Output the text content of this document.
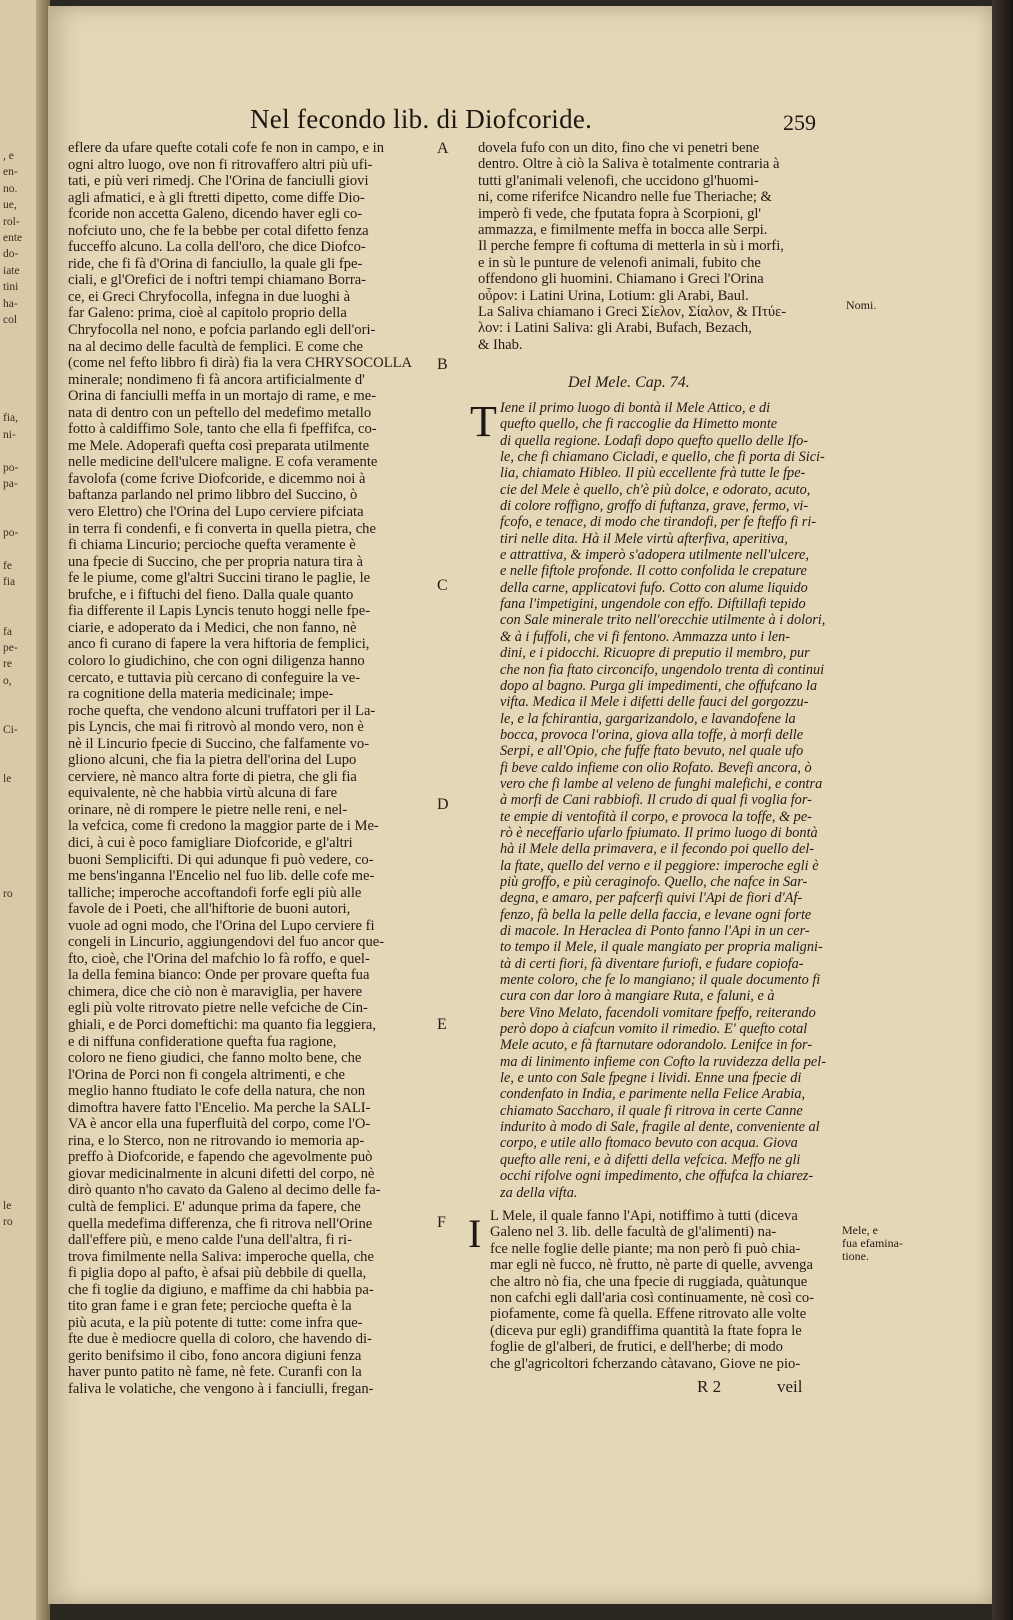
, e
en-
no.
ue,
rol-
ente
do-
iate
tini
ha-
col
fia,
ni-
po-
pa-
po-
fe
fia
fa
pe-
re
o,
Ci-
le
ro
le
ro
Nel fecondo lib. di Diofcoride.	259
eflere da ufare quefte cotali cofe fe non in campo, e in
ogni altro luogo, ove non fi ritrovaffero altri più ufi-
tati, e più veri rimedj. Che l'Orina de fanciulli giovi
agli afmatici, e à gli ftretti dipetto, come diffe Dio-
fcoride non accetta Galeno, dicendo haver egli co-
nofciuto uno, che fe la bebbe per cotal difetto fenza
fucceffo alcuno. La colla dell'oro, che dice Diofco-
ride, che fi fà d'Orina di fanciullo, la quale gli fpe-
ciali, e gl'Orefici de i noftri tempi chiamano Borra-
ce, ei Greci Chryfocolla, infegna in due luoghi à
far Galeno: prima, cioè al capitolo proprio della
Chryfocolla nel nono, e pofcia parlando egli dell'ori-
na al decimo delle facultà de femplici. E come che
(come nel fefto libbro fi dirà) fia la vera CHRYSOCOLLA
minerale; nondimeno fi fà ancora artificialmente d'
Orina di fanciulli meffa in un mortajo di rame, e me-
nata di dentro con un peftello del medefimo metallo
fotto à caldiffimo Sole, tanto che ella fi fpeffifca, co-
me Mele. Adoperafi quefta così preparata utilmente
nelle medicine dell'ulcere maligne. E cofa veramente
favolofa (come fcrive Diofcoride, e dicemmo noi à
baftanza parlando nel primo libbro del Succino, ò
vero Elettro) che l'Orina del Lupo cerviere pifciata
in terra fi condenfi, e fi converta in quella pietra, che
fi chiama Lincurio; percioche quefta veramente è
una fpecie di Succino, che per propria natura tira à
fe le piume, come gl'altri Succini tirano le paglie, le
brufche, e i fiftuchi del fieno. Dalla quale quanto
fia differente il Lapis Lyncis tenuto hoggi nelle fpe-
ciarie, e adoperato da i Medici, che non fanno, nè
anco fi curano di fapere la vera hiftoria de femplici,
coloro lo giudichino, che con ogni diligenza hanno
cercato, e tuttavia più cercano di confeguire la ve-
ra cognitione della materia medicinale; impe-
roche quefta, che vendono alcuni truffatori per il La-
pis Lyncis, che mai fi ritrovò al mondo vero, non è
nè il Lincurio fpecie di Succino, che falfamente vo-
gliono alcuni, che fia la pietra dell'orina del Lupo
cerviere, nè manco altra forte di pietra, che gli fia
equivalente, nè che habbia virtù alcuna di fare
orinare, nè di rompere le pietre nelle reni, e nel-
la vefcica, come fi credono la maggior parte de i Me-
dici, à cui è poco famigliare Diofcoride, e gl'altri
buoni Semplicifti. Di qui adunque fi può vedere, co-
me bens'inganna l'Encelio nel fuo lib. delle cofe me-
talliche; imperoche accoftandofi forfe egli più alle
favole de i Poeti, che all'hiftorie de buoni autori,
vuole ad ogni modo, che l'Orina del Lupo cerviere fi
congeli in Lincurio, aggiungendovi del fuo ancor que-
fto, cioè, che l'Orina del mafchio lo fà roffo, e quel-
la della femina bianco: Onde per provare quefta fua
chimera, dice che ciò non è maraviglia, per havere
egli più volte ritrovato pietre nelle vefciche de Cin-
ghiali, e de Porci domeftichi: ma quanto fia leggiera,
e di niffuna confideratione quefta fua ragione,
coloro ne fieno giudici, che fanno molto bene, che
l'Orina de Porci non fi congela altrimenti, e che
meglio hanno ftudiato le cofe della natura, che non
dimoftra havere fatto l'Encelio. Ma perche la SALI-
VA è ancor ella una fuperfluità del corpo, come l'O-
rina, e lo Sterco, non ne ritrovando io memoria ap-
preffo à Diofcoride, e fapendo che agevolmente può
giovar medicinalmente in alcuni difetti del corpo, nè
dirò quanto n'ho cavato da Galeno al decimo delle fa-
cultà de femplici. E' adunque prima da fapere, che
quella medefima differenza, che fi ritrova nell'Orine
dall'effere più, e meno calde l'una dell'altra, fi ri-
trova fimilmente nella Saliva: imperoche quella, che
fi piglia dopo al pafto, è afsai più debbile di quella,
che fi toglie da digiuno, e maffime da chi habbia pa-
tito gran fame i e gran fete; percioche quefta è la
più acuta, e la più potente di tutte: come infra que-
fte due è mediocre quella di coloro, che havendo di-
gerito benifsimo il cibo, fono ancora digiuni fenza
haver punto patito nè fame, nè fete. Curanfi con la
faliva le volatiche, che vengono à i fanciulli, fregan-
dovela fufo con un dito, fino che vi penetri bene
dentro. Oltre à ciò la Saliva è totalmente contraria à
tutti gl'animali velenofi, che uccidono gl'huomi-
ni, come riferifce Nicandro nelle fue Theriache; &
imperò fi vede, che fputata fopra à Scorpioni, gl'
ammazza, e fimilmente meffa in bocca alle Serpi.
Il perche fempre fi coftuma di metterla in sù i morfi,
e in sù le punture de velenofi animali, fubito che
offendono gli huomini. Chiamano i Greci l'Orina
οὖρον: i Latini Urina, Lotium: gli Arabi, Baul.
La Saliva chiamano i Greci Σίελον, Σίαλον, & Πτύε-
λον: i Latini Saliva: gli Arabi, Bufach, Bezach,
& Ihab.
Del Mele. Cap. 74.
T Iene il primo luogo di bontà il Mele Attico, e di
quefto quello, che fi raccoglie da Himetto monte
di quella regione. Lodafi dopo quefto quello delle Ifo-
le, che fi chiamano Cicladi, e quello, che fi porta di Sici-
lia, chiamato Hibleo. Il più eccellente frà tutte le fpe-
cie del Mele è quello, ch'è più dolce, e odorato, acuto,
di colore roffigno, groffo di fuftanza, grave, fermo, vi-
fcofo, e tenace, di modo che tirandofi, per fe fteffo fi ri-
tiri nelle dita. Hà il Mele virtù afterfiva, aperitiva,
e attrattiva, & imperò s'adopera utilmente nell'ulcere,
e nelle fiftole profonde. Il cotto confolida le crepature
della carne, applicatovi fufo. Cotto con alume liquido
fana l'impetigini, ungendole con effo. Diftillafi tepido
con Sale minerale trito nell'orecchie utilmente à i dolori,
& à i fuffoli, che vi fi fentono. Ammazza unto i len-
dini, e i pidocchi. Ricuopre di preputio il membro, pur
che non fia ftato circoncifo, ungendolo trenta dì continui
dopo al bagno. Purga gli impedimenti, che offufcano la
vifta. Medica il Mele i difetti delle fauci del gorgozzu-
le, e la fchirantia, gargarizandolo, e lavandofene la
bocca, provoca l'orina, giova alla toffe, à morfi delle
Serpi, e all'Opio, che fuffe ftato bevuto, nel quale ufo
fi beve caldo infieme con olio Rofato. Bevefi ancora, ò
vero che fi lambe al veleno de funghi malefichi, e contra
à morfi de Cani rabbiofi. Il crudo di qual fi voglia for-
te empie di ventofità il corpo, e provoca la toffe, & pe-
rò è neceffario ufarlo fpiumato. Il primo luogo di bontà
hà il Mele della primavera, e il fecondo poi quello del-
la ftate, quello del verno e il peggiore: imperoche egli è
più groffo, e più ceraginofo. Quello, che nafce in Sar-
degna, e amaro, per pafcerfi quivi l'Api de fiori d'Af-
fenzo, fà bella la pelle della faccia, e levane ogni forte
di macole. In Heraclea di Ponto fanno l'Api in un cer-
to tempo il Mele, il quale mangiato per propria maligni-
tà di certi fiori, fà diventare furiofi, e fudare copiofa-
mente coloro, che fe lo mangiano; il quale documento fi
cura con dar loro à mangiare Ruta, e faluni, e à
bere Vino Melato, facendoli vomitare fpeffo, reiterando
però dopo à ciafcun vomito il rimedio. E' quefto cotal
Mele acuto, e fà ftarnutare odorandolo. Lenifce in for-
ma di linimento infieme con Cofto la ruvidezza della pel-
le, e unto con Sale fpegne i lividi. Enne una fpecie di
condenfato in India, e parimente nella Felice Arabia,
chiamato Saccharo, il quale fi ritrova in certe Canne
indurito à modo di Sale, fragile al dente, conveniente al
corpo, e utile allo ftomaco bevuto con acqua. Giova
quefto alle reni, e à difetti della vefcica. Meffo ne gli
occhi rifolve ogni impedimento, che offufca la chiarez-
za della vifta.
I L Mele, il quale fanno l'Api, notiffimo à tutti (diceva
Galeno nel 3. lib. delle facultà de gl'alimenti) na-
fce nelle foglie delle piante; ma non però fi può chia-
mar egli nè fucco, nè frutto, nè parte di quelle, avvenga
che altro nò fia, che una fpecie di ruggiada, quàtunque
non cafchi egli dall'aria così continuamente, nè così co-
piofamente, come fà quella. Effene ritrovato alle volte
(diceva pur egli) grandiffima quantità la ftate fopra le
foglie de gl'alberi, de frutici, e dell'herbe; di modo
che gl'agricoltori fcherzando càtavano, Giove ne pio-
Nomi.
Mele, e
fua efamina-
tione.
A
B
C
D
E
F
R 2	veil
